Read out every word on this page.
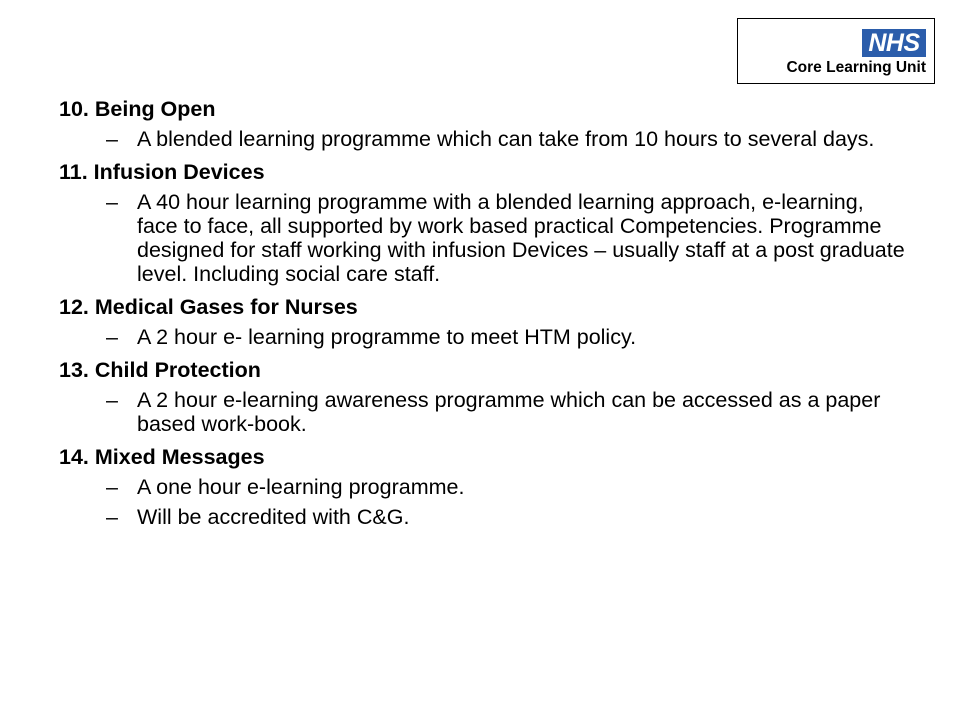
NHS
Core Learning Unit

10. Being Open

– A blended learning programme which can take from 10 hours to several days.

11. Infusion Devices

– A 40 hour learning programme with a blended learning approach, e-learning, face to face, all supported by work based practical Competencies. Programme designed for staff working with infusion Devices – usually staff at a post graduate level. Including social care staff.

12. Medical Gases for Nurses

– A 2 hour e- learning programme to meet HTM policy.

13. Child Protection

– A 2 hour e-learning awareness programme which can be accessed as a paper based work-book.

14. Mixed Messages

– A one hour e-learning programme.
– Will be accredited with C&G.
